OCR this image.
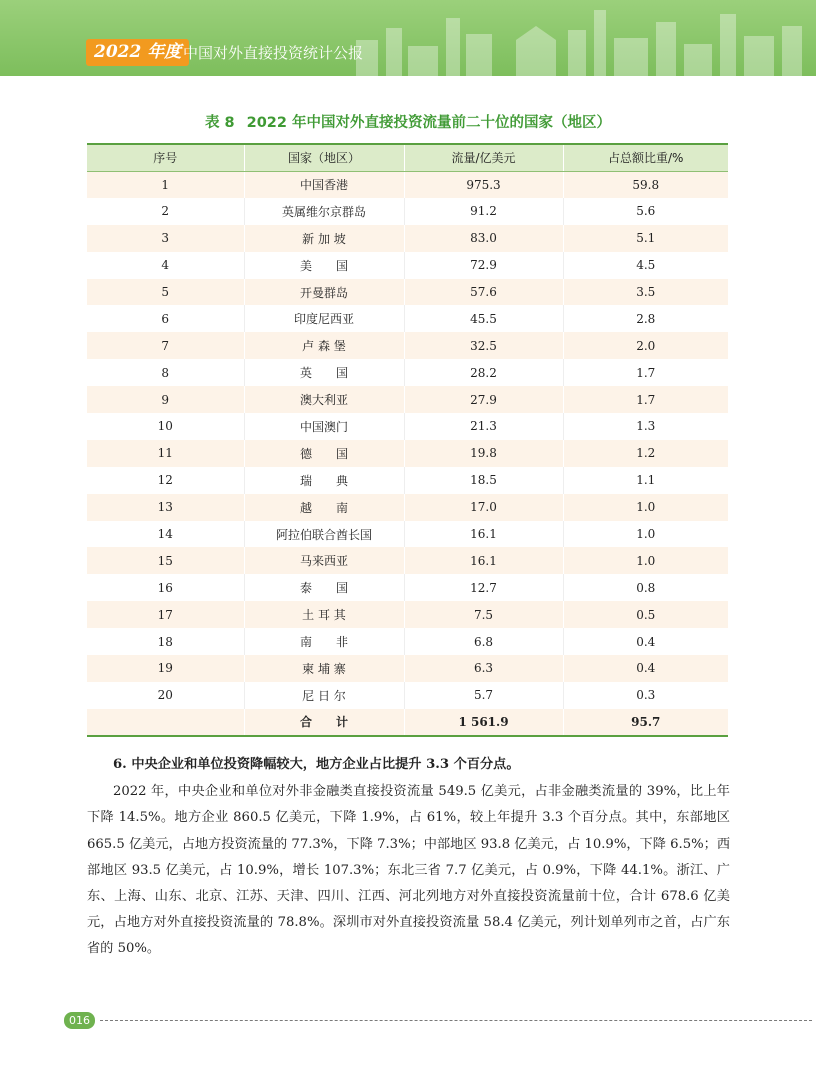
2022 年度 中国对外直接投资统计公报
表 8 2022 年中国对外直接投资流量前二十位的国家（地区）
序号	国家（地区）	流量/亿美元	占总额比重/%
1	中国香港	975.3	59.8
2	英属维尔京群岛	91.2	5.6
3	新 加 坡	83.0	5.1
4	美　　国	72.9	4.5
5	开曼群岛	57.6	3.5
6	印度尼西亚	45.5	2.8
7	卢 森 堡	32.5	2.0
8	英　　国	28.2	1.7
9	澳大利亚	27.9	1.7
10	中国澳门	21.3	1.3
11	德　　国	19.8	1.2
12	瑞　　典	18.5	1.1
13	越　　南	17.0	1.0
14	阿拉伯联合酋长国	16.1	1.0
15	马来西亚	16.1	1.0
16	泰　　国	12.7	0.8
17	土 耳 其	7.5	0.5
18	南　　非	6.8	0.4
19	柬 埔 寨	6.3	0.4
20	尼 日 尔	5.7	0.3
	合　　计	1 561.9	95.7

6. 中央企业和单位投资降幅较大，地方企业占比提升 3.3 个百分点。

2022 年，中央企业和单位对外非金融类直接投资流量 549.5 亿美元，占非金融类流量的 39%，比上年下降 14.5%。地方企业 860.5 亿美元，下降 1.9%，占 61%，较上年提升 3.3 个百分点。其中，东部地区 665.5 亿美元，占地方投资流量的 77.3%，下降 7.3%；中部地区 93.8 亿美元，占 10.9%，下降 6.5%；西部地区 93.5 亿美元，占 10.9%，增长 107.3%；东北三省 7.7 亿美元，占 0.9%，下降 44.1%。浙江、广东、上海、山东、北京、江苏、天津、四川、江西、河北列地方对外直接投资流量前十位，合计 678.6 亿美元，占地方对外直接投资流量的 78.8%。深圳市对外直接投资流量 58.4 亿美元，列计划单列市之首，占广东省的 50%。

016
